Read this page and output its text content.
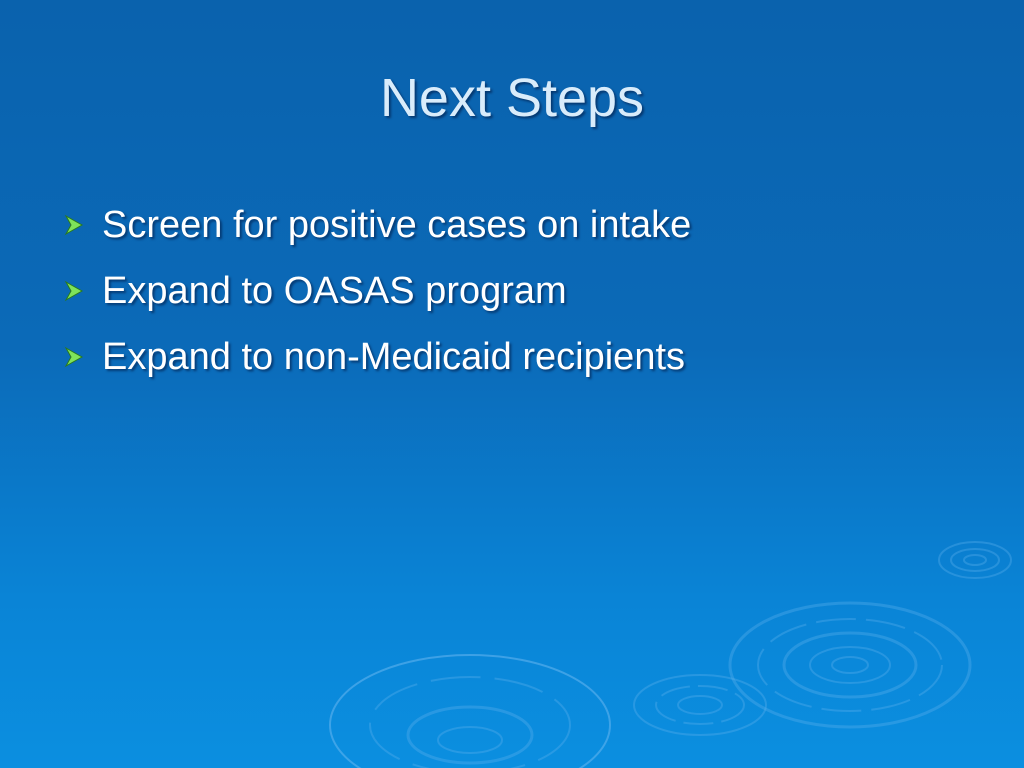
Next Steps
Screen for positive cases on intake
Expand to OASAS program
Expand to non-Medicaid recipients
